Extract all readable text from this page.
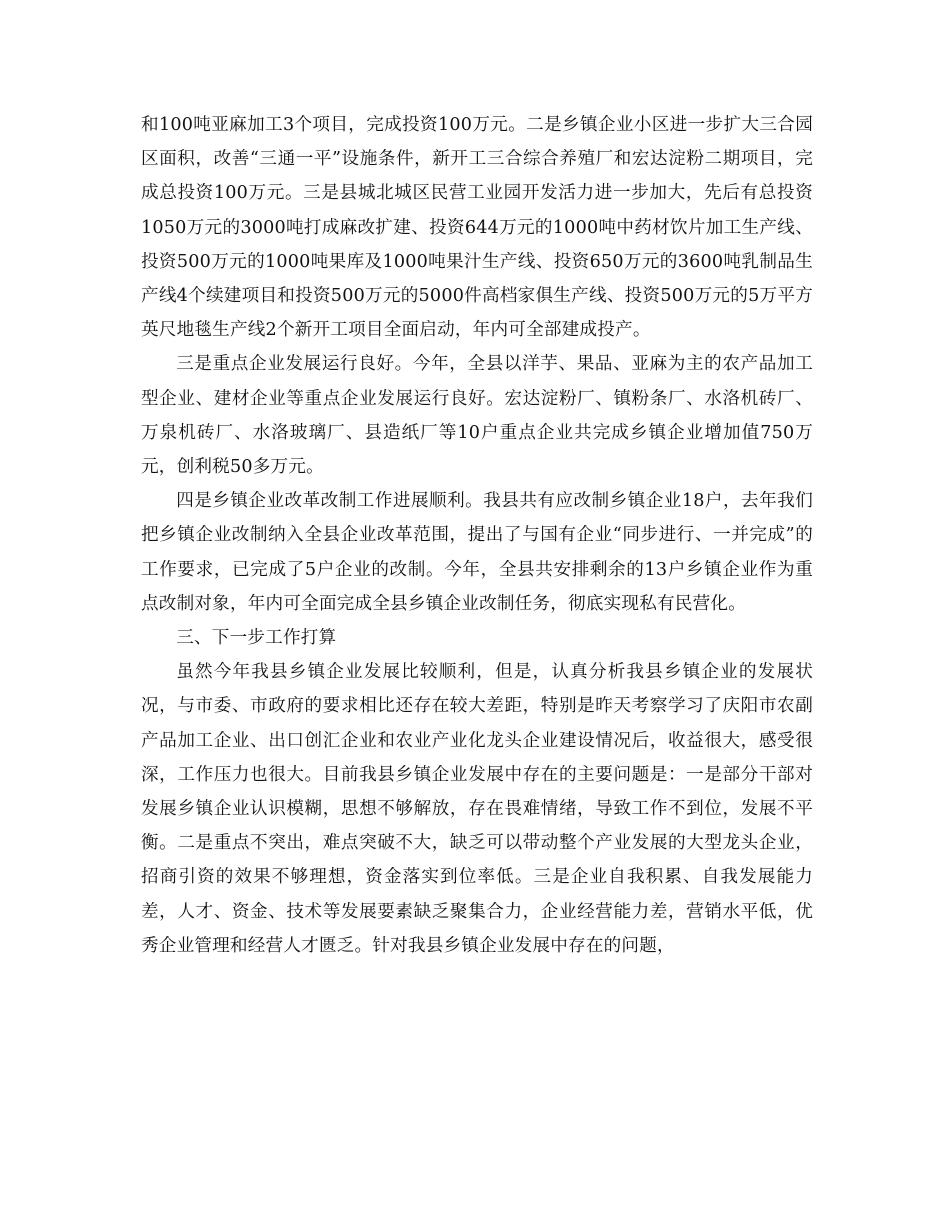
和100吨亚麻加工3个项目，完成投资100万元。二是乡镇企业小区进一步扩大三合园区面积，改善“三通一平”设施条件，新开工三合综合养殖厂和宏达淀粉二期项目，完成总投资100万元。三是县城北城区民营工业园开发活力进一步加大，先后有总投资1050万元的3000吨打成麻改扩建、投资644万元的1000吨中药材饮片加工生产线、投资500万元的1000吨果库及1000吨果汁生产线、投资650万元的3600吨乳制品生产线4个续建项目和投资500万元的5000件高档家俱生产线、投资500万元的5万平方英尺地毯生产线2个新开工项目全面启动，年内可全部建成投产。

三是重点企业发展运行良好。今年，全县以洋芋、果品、亚麻为主的农产品加工型企业、建材企业等重点企业发展运行良好。宏达淀粉厂、镇粉条厂、水洛机砖厂、万泉机砖厂、水洛玻璃厂、县造纸厂等10户重点企业共完成乡镇企业增加值750万元，创利税50多万元。

四是乡镇企业改革改制工作进展顺利。我县共有应改制乡镇企业18户，去年我们把乡镇企业改制纳入全县企业改革范围，提出了与国有企业“同步进行、一并完成”的工作要求，已完成了5户企业的改制。今年，全县共安排剩余的13户乡镇企业作为重点改制对象，年内可全面完成全县乡镇企业改制任务，彻底实现私有民营化。

三、下一步工作打算

虽然今年我县乡镇企业发展比较顺利，但是，认真分析我县乡镇企业的发展状况，与市委、市政府的要求相比还存在较大差距，特别是昨天考察学习了庆阳市农副产品加工企业、出口创汇企业和农业产业化龙头企业建设情况后，收益很大，感受很深，工作压力也很大。目前我县乡镇企业发展中存在的主要问题是：一是部分干部对发展乡镇企业认识模糊，思想不够解放，存在畏难情绪，导致工作不到位，发展不平衡。二是重点不突出，难点突破不大，缺乏可以带动整个产业发展的大型龙头企业，招商引资的效果不够理想，资金落实到位率低。三是企业自我积累、自我发展能力差，人才、资金、技术等发展要素缺乏聚集合力，企业经营能力差，营销水平低，优秀企业管理和经营人才匮乏。针对我县乡镇企业发展中存在的问题，
